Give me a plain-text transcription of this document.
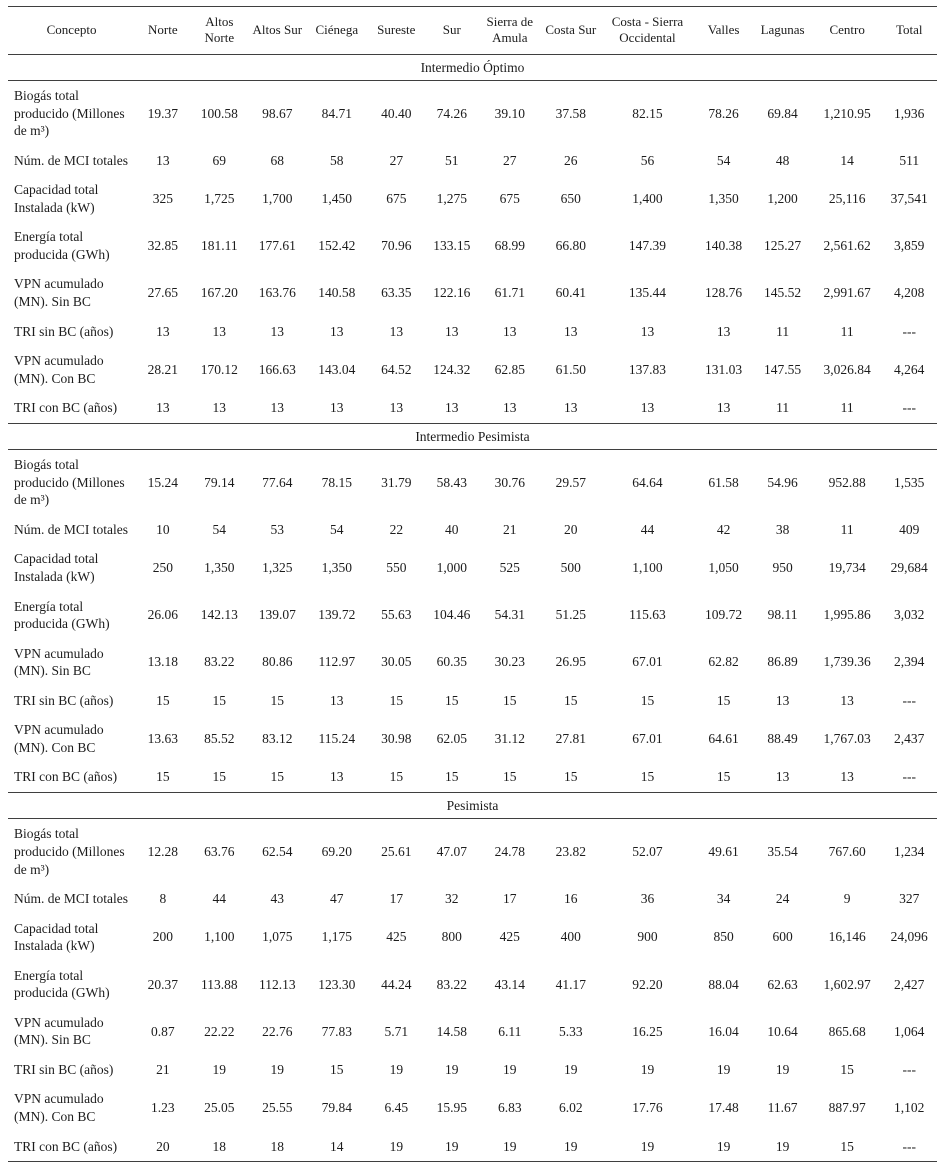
Concepto	Norte	Altos Norte	Altos Sur	Ciénega	Sureste	Sur	Sierra de Amula	Costa Sur	Costa - Sierra Occidental	Valles	Lagunas	Centro	Total
Intermedio Óptimo													
Biogás total producido (Millones de m³)	19.37	100.58	98.67	84.71	40.40	74.26	39.10	37.58	82.15	78.26	69.84	1,210.95	1,936
Núm. de MCI totales	13	69	68	58	27	51	27	26	56	54	48	14	511
Capacidad total Instalada (kW)	325	1,725	1,700	1,450	675	1,275	675	650	1,400	1,350	1,200	25,116	37,541
Energía total producida (GWh)	32.85	181.11	177.61	152.42	70.96	133.15	68.99	66.80	147.39	140.38	125.27	2,561.62	3,859
VPN acumulado (MN). Sin BC	27.65	167.20	163.76	140.58	63.35	122.16	61.71	60.41	135.44	128.76	145.52	2,991.67	4,208
TRI sin BC (años)	13	13	13	13	13	13	13	13	13	13	11	11	---
VPN acumulado (MN). Con BC	28.21	170.12	166.63	143.04	64.52	124.32	62.85	61.50	137.83	131.03	147.55	3,026.84	4,264
TRI con BC (años)	13	13	13	13	13	13	13	13	13	13	11	11	---
Intermedio Pesimista													
Biogás total producido (Millones de m³)	15.24	79.14	77.64	78.15	31.79	58.43	30.76	29.57	64.64	61.58	54.96	952.88	1,535
Núm. de MCI totales	10	54	53	54	22	40	21	20	44	42	38	11	409
Capacidad total Instalada (kW)	250	1,350	1,325	1,350	550	1,000	525	500	1,100	1,050	950	19,734	29,684
Energía total producida (GWh)	26.06	142.13	139.07	139.72	55.63	104.46	54.31	51.25	115.63	109.72	98.11	1,995.86	3,032
VPN acumulado (MN). Sin BC	13.18	83.22	80.86	112.97	30.05	60.35	30.23	26.95	67.01	62.82	86.89	1,739.36	2,394
TRI sin BC (años)	15	15	15	13	15	15	15	15	15	15	13	13	---
VPN acumulado (MN). Con BC	13.63	85.52	83.12	115.24	30.98	62.05	31.12	27.81	67.01	64.61	88.49	1,767.03	2,437
TRI con BC (años)	15	15	15	13	15	15	15	15	15	15	13	13	---
Pesimista													
Biogás total producido (Millones de m³)	12.28	63.76	62.54	69.20	25.61	47.07	24.78	23.82	52.07	49.61	35.54	767.60	1,234
Núm. de MCI totales	8	44	43	47	17	32	17	16	36	34	24	9	327
Capacidad total Instalada (kW)	200	1,100	1,075	1,175	425	800	425	400	900	850	600	16,146	24,096
Energía total producida (GWh)	20.37	113.88	112.13	123.30	44.24	83.22	43.14	41.17	92.20	88.04	62.63	1,602.97	2,427
VPN acumulado (MN). Sin BC	0.87	22.22	22.76	77.83	5.71	14.58	6.11	5.33	16.25	16.04	10.64	865.68	1,064
TRI sin BC (años)	21	19	19	15	19	19	19	19	19	19	19	15	---
VPN acumulado (MN). Con BC	1.23	25.05	25.55	79.84	6.45	15.95	6.83	6.02	17.76	17.48	11.67	887.97	1,102
TRI con BC (años)	20	18	18	14	19	19	19	19	19	19	19	15	---
